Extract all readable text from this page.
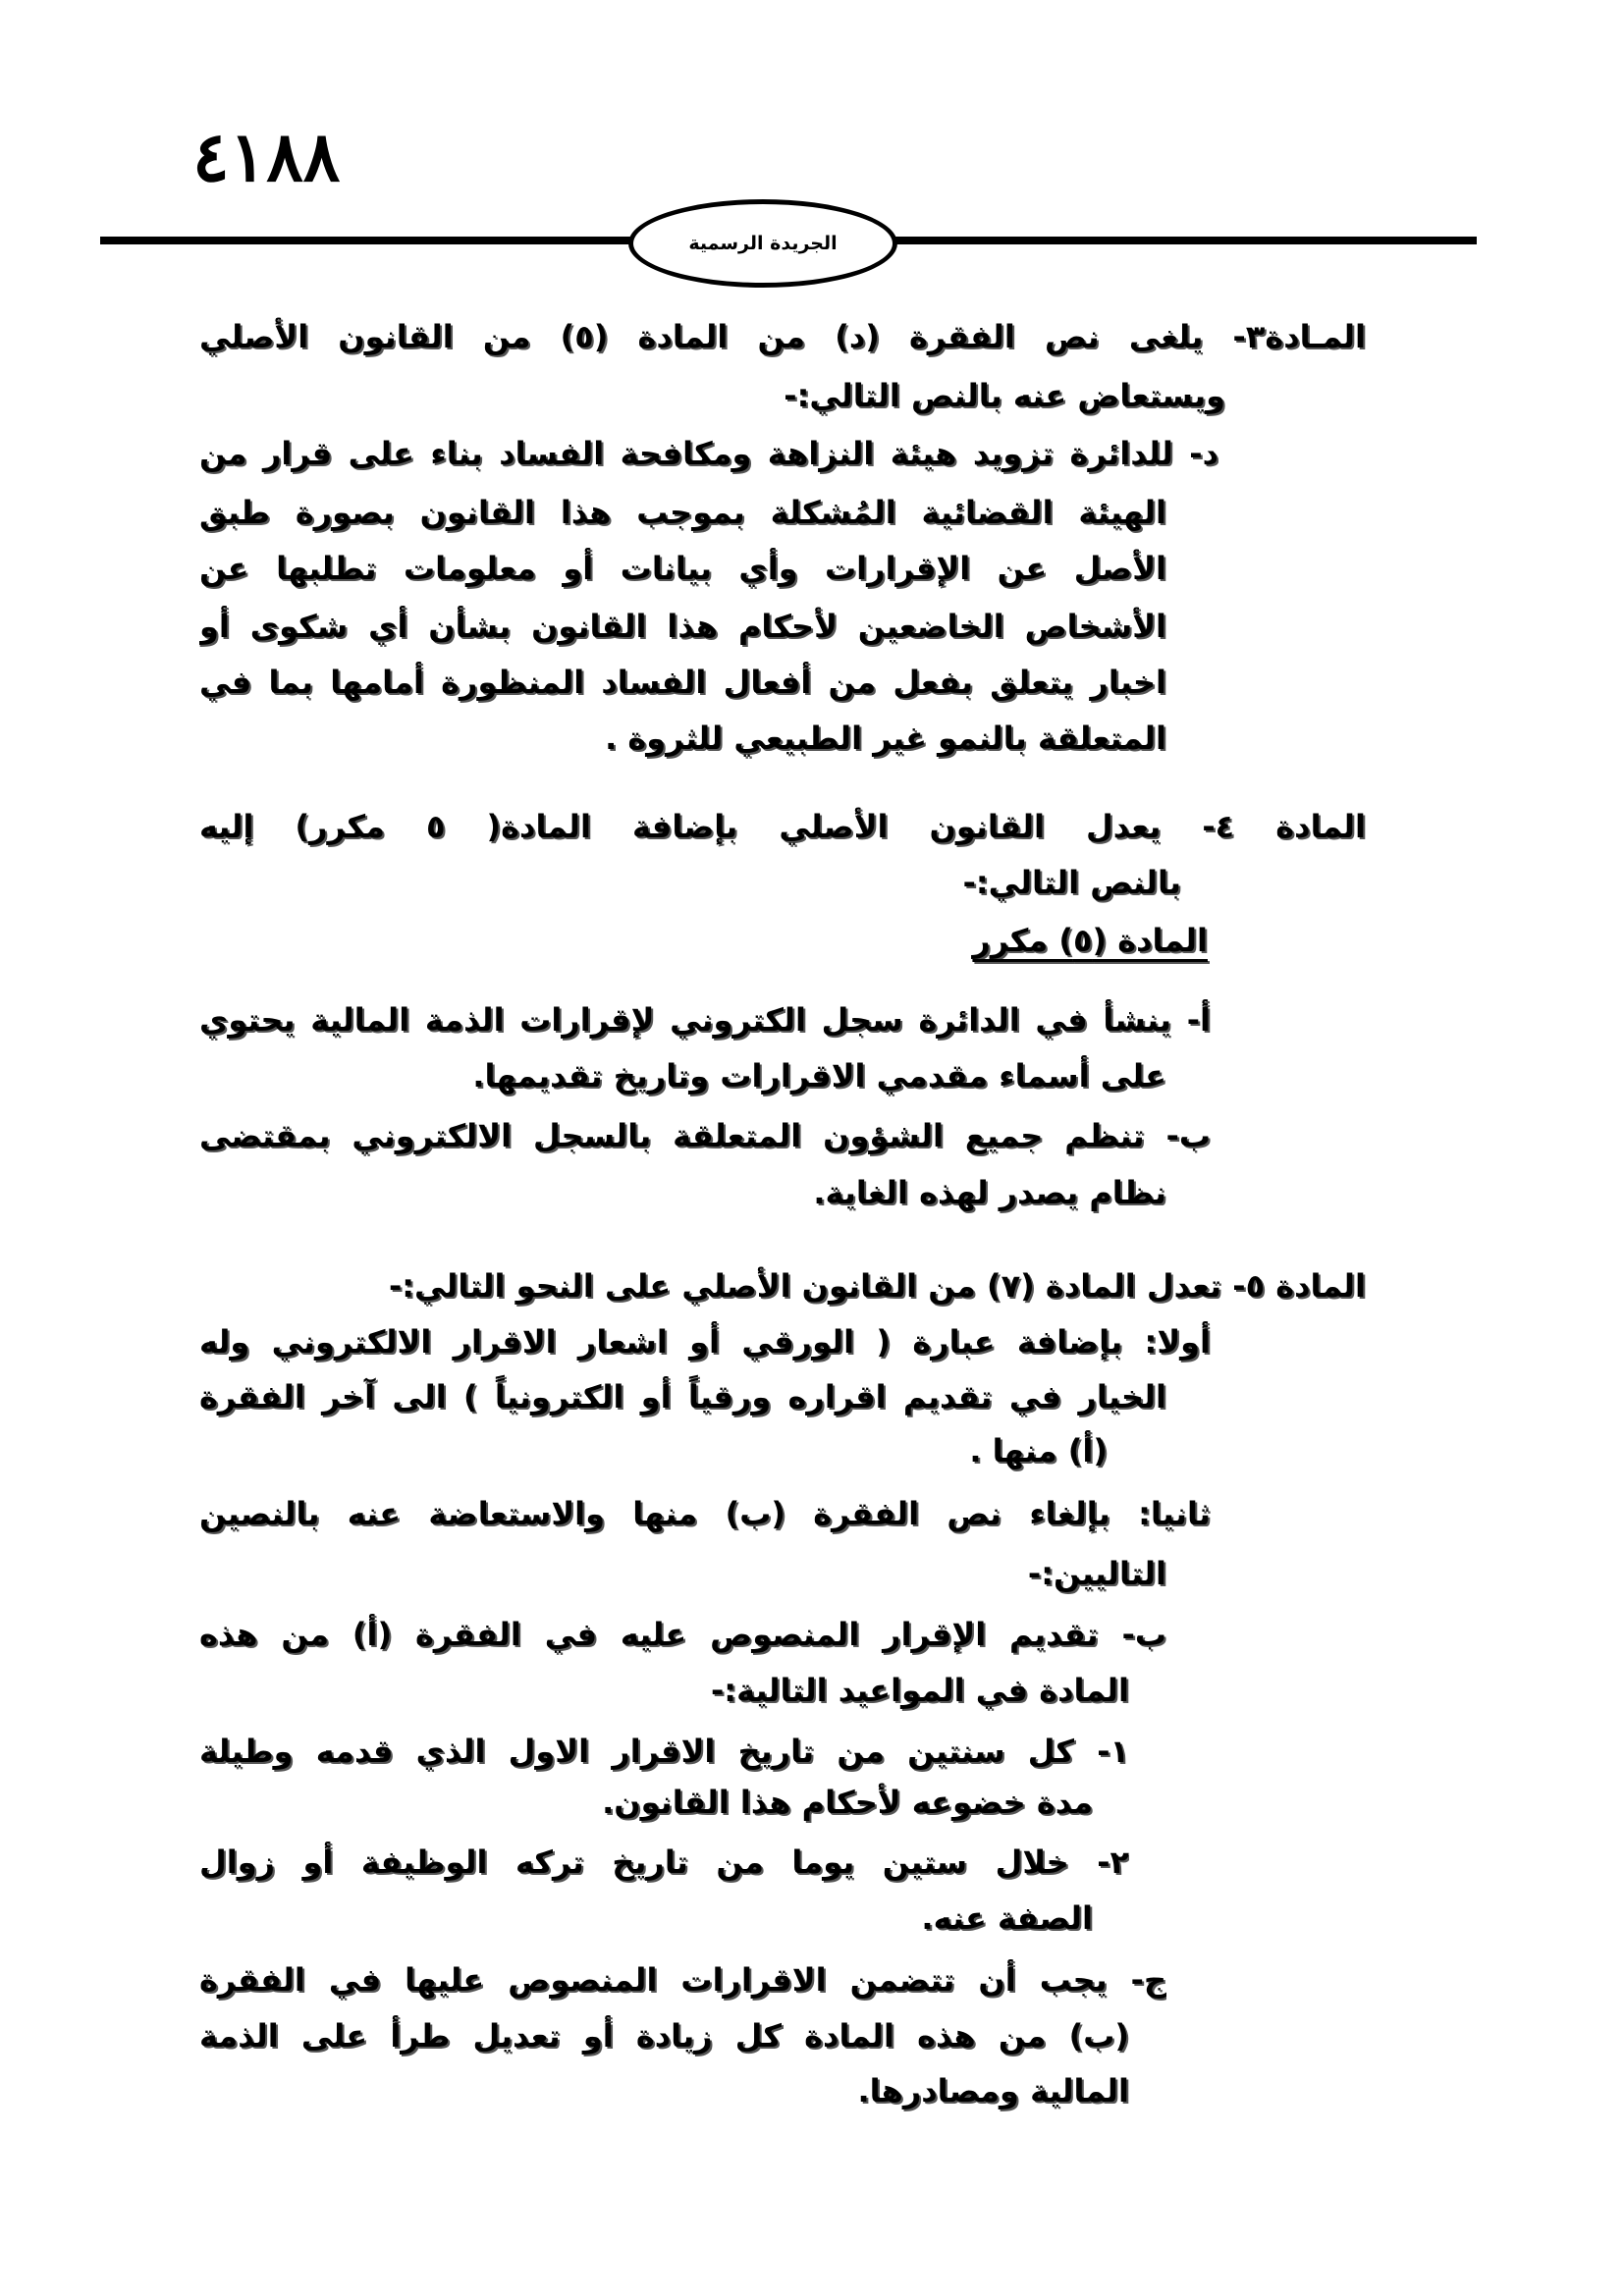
٤١٨٨
الجريدة الرسمية
المـادة٣- يلغى نص الفقرة (د) من المادة (٥) من القانون الأصلي
ويستعاض عنه بالنص التالي:-
د- للدائرة تزويد هيئة النزاهة ومكافحة الفساد بناء على قرار من
الهيئة القضائية المُشكلة بموجب هذا القانون بصورة طبق
الأصل عن الإقرارات وأي بيانات أو معلومات تطلبها عن
الأشخاص الخاضعين لأحكام هذا القانون بشأن أي شكوى أو
اخبار يتعلق بفعل من أفعال الفساد المنظورة أمامها بما في
المتعلقة بالنمو غير الطبيعي للثروة .
المادة ٤- يعدل القانون الأصلي بإضافة المادة( ٥ مكرر) إليه
بالنص التالي:-
المادة (٥) مكرر
أ- ينشأ في الدائرة سجل الكتروني لإقرارات الذمة المالية يحتوي
على أسماء مقدمي الاقرارات وتاريخ تقديمها.
ب- تنظم جميع الشؤون المتعلقة بالسجل الالكتروني بمقتضى
نظام يصدر لهذه الغاية.
المادة ٥- تعدل المادة (٧) من القانون الأصلي على النحو التالي:-
أولا: بإضافة عبارة ( الورقي أو اشعار الاقرار الالكتروني وله
الخيار في تقديم اقراره ورقياً أو الكترونياً ) الى آخر الفقرة
(أ) منها .
ثانيا: بإلغاء نص الفقرة (ب) منها والاستعاضة عنه بالنصين
التاليين:-
ب- تقديم الإقرار المنصوص عليه في الفقرة (أ) من هذه
المادة في المواعيد التالية:-
١- كل سنتين من تاريخ الاقرار الاول الذي قدمه وطيلة
مدة خضوعه لأحكام هذا القانون.
٢- خلال ستين يوما من تاريخ تركه الوظيفة أو زوال
الصفة عنه.
ج- يجب أن تتضمن الاقرارات المنصوص عليها في الفقرة
(ب) من هذه المادة كل زيادة أو تعديل طرأ على الذمة
المالية ومصادرها.
